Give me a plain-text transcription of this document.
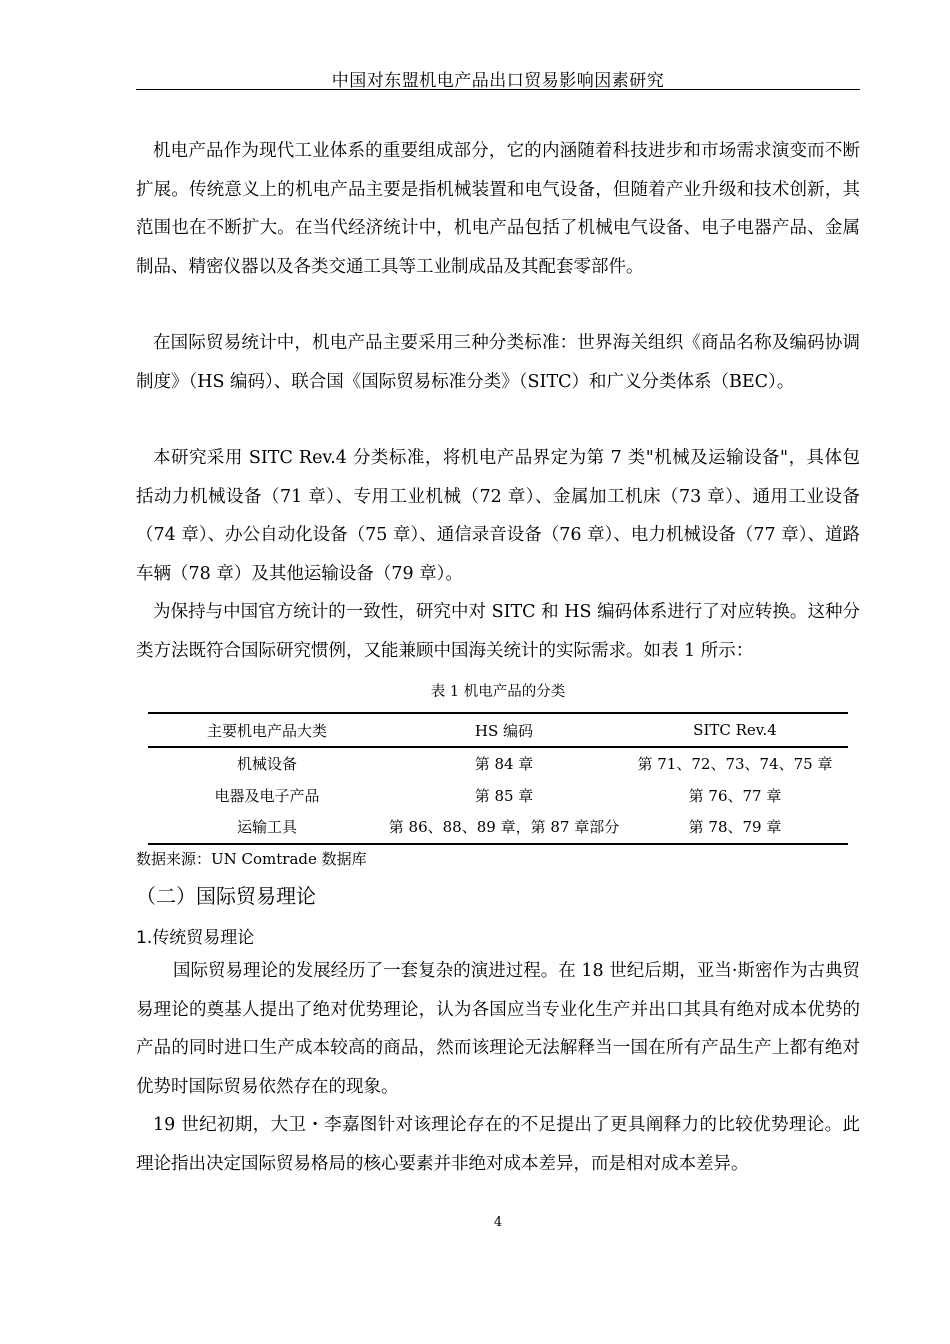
中国对东盟机电产品出口贸易影响因素研究

机电产品作为现代工业体系的重要组成部分，它的内涵随着科技进步和市场需求演变而不断扩展。传统意义上的机电产品主要是指机械装置和电气设备，但随着产业升级和技术创新，其范围也在不断扩大。在当代经济统计中，机电产品包括了机械电气设备、电子电器产品、金属制品、精密仪器以及各类交通工具等工业制成品及其配套零部件。

在国际贸易统计中，机电产品主要采用三种分类标准：世界海关组织《商品名称及编码协调制度》（HS 编码）、联合国《国际贸易标准分类》（SITC）和广义分类体系（BEC）。

本研究采用 SITC Rev.4 分类标准，将机电产品界定为第 7 类"机械及运输设备"，具体包括动力机械设备（71 章）、专用工业机械（72 章）、金属加工机床（73 章）、通用工业设备（74 章）、办公自动化设备（75 章）、通信录音设备（76 章）、电力机械设备（77 章）、道路车辆（78 章）及其他运输设备（79 章）。

为保持与中国官方统计的一致性，研究中对 SITC 和 HS 编码体系进行了对应转换。这种分类方法既符合国际研究惯例，又能兼顾中国海关统计的实际需求。如表 1 所示：

表 1 机电产品的分类
主要机电产品大类	HS 编码	SITC Rev.4
机械设备	第 84 章	第 71、72、73、74、75 章
电器及电子产品	第 85 章	第 76、77 章
运输工具	第 86、88、89 章，第 87 章部分	第 78、79 章
数据来源：UN Comtrade 数据库
（二）国际贸易理论
1.传统贸易理论

国际贸易理论的发展经历了一套复杂的演进过程。在 18 世纪后期，亚当·斯密作为古典贸易理论的奠基人提出了绝对优势理论，认为各国应当专业化生产并出口其具有绝对成本优势的产品的同时进口生产成本较高的商品，然而该理论无法解释当一国在所有产品生产上都有绝对优势时国际贸易依然存在的现象。

19 世纪初期，大卫・李嘉图针对该理论存在的不足提出了更具阐释力的比较优势理论。此理论指出决定国际贸易格局的核心要素并非绝对成本差异，而是相对成本差异。

4
